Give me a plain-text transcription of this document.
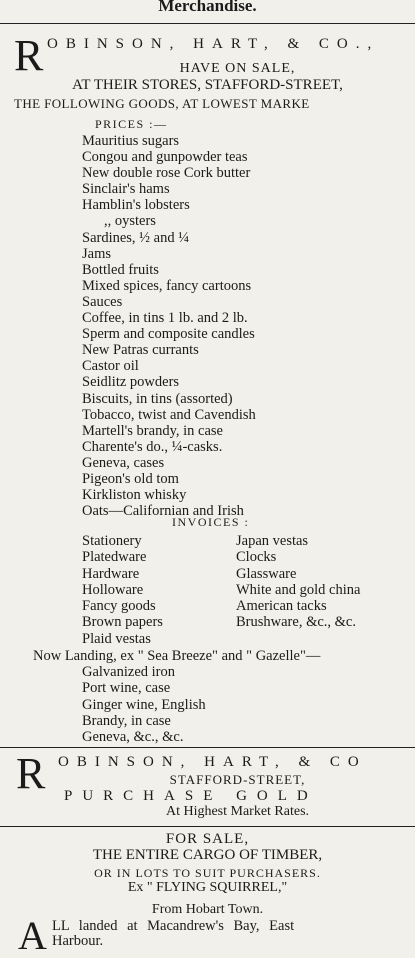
Merchandise.
R OBINSON, HART, & CO.,
HAVE ON SALE,
AT THEIR STORES, STAFFORD-STREET,
THE FOLLOWING GOODS, AT LOWEST MARKE
PRICES :—
Mauritius sugars
Congou and gunpowder teas
New double rose Cork butter
Sinclair's hams
Hamblin's lobsters
,, oysters
Sardines, ½ and ¼
Jams
Bottled fruits
Mixed spices, fancy cartoons
Sauces
Coffee, in tins 1 lb. and 2 lb.
Sperm and composite candles
New Patras currants
Castor oil
Seidlitz powders
Biscuits, in tins (assorted)
Tobacco, twist and Cavendish
Martell's brandy, in case
Charente's do., ¼-casks.
Geneva, cases
Pigeon's old tom
Kirkliston whisky
Oats—Californian and Irish
INVOICES :
Stationery
Platedware
Hardware
Holloware
Fancy goods
Brown papers
Plaid vestas
Japan vestas
Clocks
Glassware
White and gold china
American tacks
Brushware, &c., &c.
Now Landing, ex " Sea Breeze" and " Gazelle"—
Galvanized iron
Port wine, case
Ginger wine, English
Brandy, in case
Geneva, &c., &c.
R OBINSON, HART, & CO
STAFFORD-STREET,
PURCHASE GOLD
At Highest Market Rates.
FOR SALE,
THE ENTIRE CARGO OF TIMBER,
OR IN LOTS TO SUIT PURCHASERS.
Ex " FLYING SQUIRREL,"
From Hobart Town.
A LL landed at Macandrew's Bay, East
Harbour.
